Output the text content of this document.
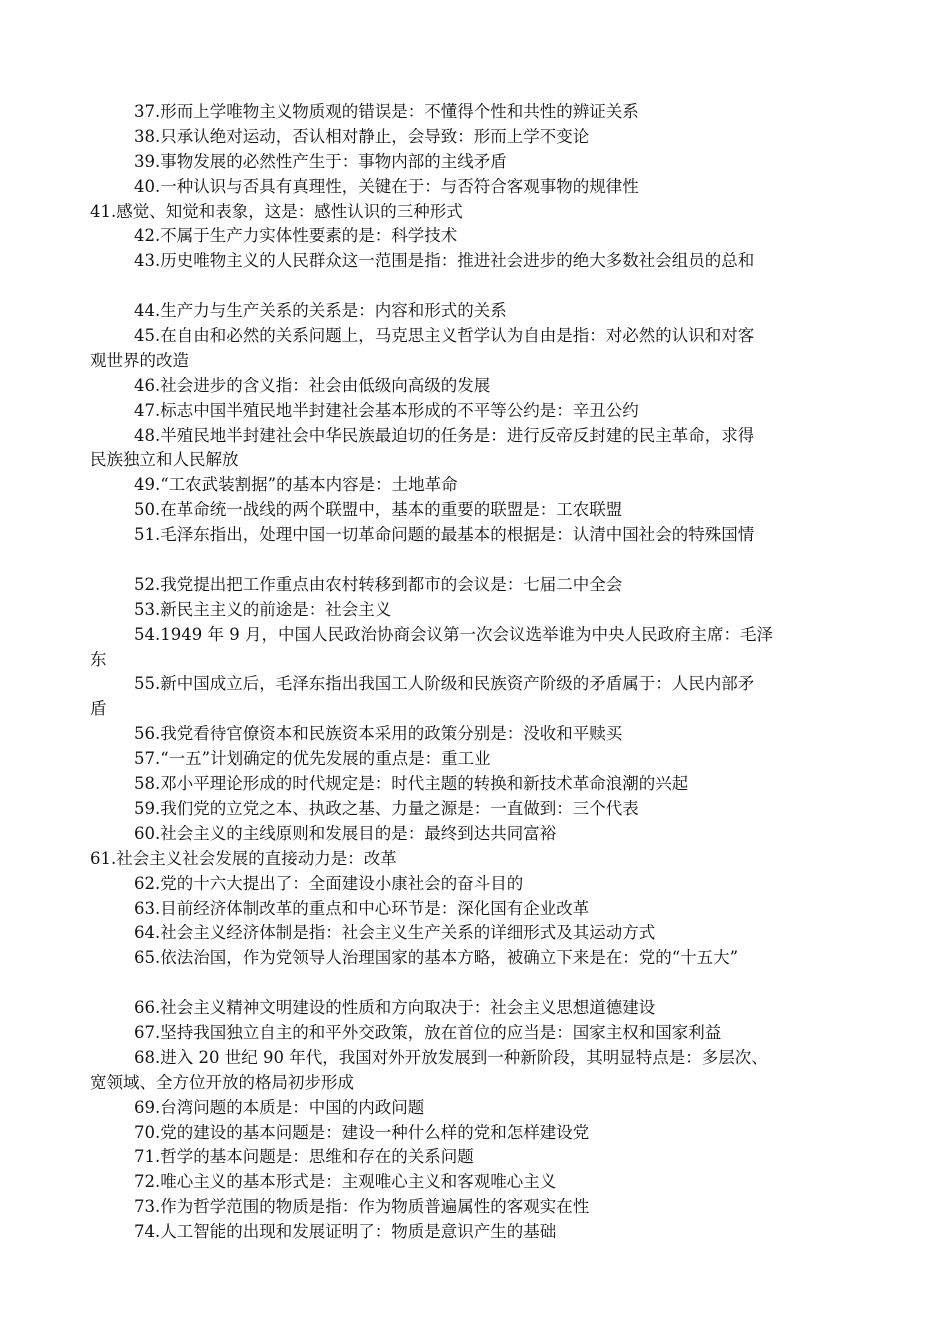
37.形而上学唯物主义物质观的错误是：不懂得个性和共性的辨证关系
38.只承认绝对运动，否认相对静止，会导致：形而上学不变论
39.事物发展的必然性产生于：事物内部的主线矛盾
40.一种认识与否具有真理性，关键在于：与否符合客观事物的规律性
41.感觉、知觉和表象，这是：感性认识的三种形式
42.不属于生产力实体性要素的是：科学技术
43.历史唯物主义的人民群众这一范围是指：推进社会进步的绝大多数社会组员的总和
44.生产力与生产关系的关系是：内容和形式的关系
45.在自由和必然的关系问题上，马克思主义哲学认为自由是指：对必然的认识和对客
观世界的改造
46.社会进步的含义指：社会由低级向高级的发展
47.标志中国半殖民地半封建社会基本形成的不平等公约是：辛丑公约
48.半殖民地半封建社会中华民族最迫切的任务是：进行反帝反封建的民主革命，求得
民族独立和人民解放
49.“工农武装割据”的基本内容是：土地革命
50.在革命统一战线的两个联盟中，基本的重要的联盟是：工农联盟
51.毛泽东指出，处理中国一切革命问题的最基本的根据是：认清中国社会的特殊国情
52.我党提出把工作重点由农村转移到都市的会议是：七届二中全会
53.新民主主义的前途是：社会主义
54.1949 年 9 月，中国人民政治协商会议第一次会议选举谁为中央人民政府主席：毛泽
东
55.新中国成立后，毛泽东指出我国工人阶级和民族资产阶级的矛盾属于：人民内部矛
盾
56.我党看待官僚资本和民族资本采用的政策分别是：没收和平赎买
57.“一五”计划确定的优先发展的重点是：重工业
58.邓小平理论形成的时代规定是：时代主题的转换和新技术革命浪潮的兴起
59.我们党的立党之本、执政之基、力量之源是：一直做到：三个代表
60.社会主义的主线原则和发展目的是：最终到达共同富裕
61.社会主义社会发展的直接动力是：改革
62.党的十六大提出了：全面建设小康社会的奋斗目的
63.目前经济体制改革的重点和中心环节是：深化国有企业改革
64.社会主义经济体制是指：社会主义生产关系的详细形式及其运动方式
65.依法治国，作为党领导人治理国家的基本方略，被确立下来是在：党的“十五大”
66.社会主义精神文明建设的性质和方向取决于：社会主义思想道德建设
67.坚持我国独立自主的和平外交政策，放在首位的应当是：国家主权和国家利益
68.进入 20 世纪 90 年代，我国对外开放发展到一种新阶段，其明显特点是：多层次、
宽领域、全方位开放的格局初步形成
69.台湾问题的本质是：中国的内政问题
70.党的建设的基本问题是：建设一种什么样的党和怎样建设党
71.哲学的基本问题是：思维和存在的关系问题
72.唯心主义的基本形式是：主观唯心主义和客观唯心主义
73.作为哲学范围的物质是指：作为物质普遍属性的客观实在性
74.人工智能的出现和发展证明了：物质是意识产生的基础
